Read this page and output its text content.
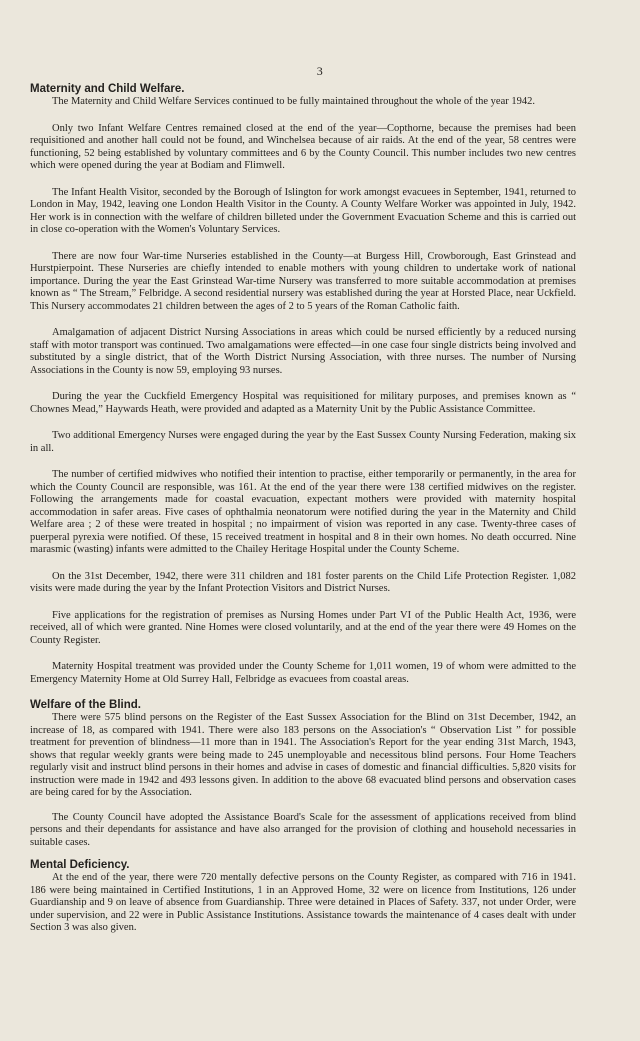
3
Maternity and Child Welfare.

The Maternity and Child Welfare Services continued to be fully maintained throughout the whole of the year 1942.

Only two Infant Welfare Centres remained closed at the end of the year—Copthorne, because the premises had been requisitioned and another hall could not be found, and Winchelsea because of air raids. At the end of the year, 58 centres were functioning, 52 being established by voluntary committees and 6 by the County Council. This number includes two new centres which were opened during the year at Bodiam and Flimwell.

The Infant Health Visitor, seconded by the Borough of Islington for work amongst evacuees in September, 1941, returned to London in May, 1942, leaving one London Health Visitor in the County. A County Welfare Worker was appointed in July, 1942. Her work is in connection with the welfare of children billeted under the Government Evacuation Scheme and this is carried out in close co-operation with the Women's Voluntary Services.

There are now four War-time Nurseries established in the County—at Burgess Hill, Crowborough, East Grinstead and Hurstpierpoint. These Nurseries are chiefly intended to enable mothers with young children to undertake work of national importance. During the year the East Grinstead War-time Nursery was transferred to more suitable accommodation at premises known as “ The Stream,” Felbridge. A second residential nursery was established during the year at Horsted Place, near Uckfield. This Nursery accommodates 21 children between the ages of 2 to 5 years of the Roman Catholic faith.

Amalgamation of adjacent District Nursing Associations in areas which could be nursed efficiently by a reduced nursing staff with motor transport was continued. Two amalgamations were effected—in one case four single districts being involved and substituted by a single district, that of the Worth District Nursing Association, with three nurses. The number of Nursing Associations in the County is now 59, employing 93 nurses.

During the year the Cuckfield Emergency Hospital was requisitioned for military purposes, and premises known as “ Chownes Mead,” Haywards Heath, were provided and adapted as a Maternity Unit by the Public Assistance Committee.

Two additional Emergency Nurses were engaged during the year by the East Sussex County Nursing Federation, making six in all.

The number of certified midwives who notified their intention to practise, either temporarily or permanently, in the area for which the County Council are responsible, was 161. At the end of the year there were 138 certified midwives on the register. Following the arrangements made for coastal evacuation, expectant mothers were provided with maternity hospital accommodation in safer areas. Five cases of ophthalmia neonatorum were notified during the year in the Maternity and Child Welfare area ; 2 of these were treated in hospital ; no impairment of vision was reported in any case. Twenty-three cases of puerperal pyrexia were notified. Of these, 15 received treatment in hospital and 8 in their own homes. No death occurred. Nine marasmic (wasting) infants were admitted to the Chailey Heritage Hospital under the County Scheme.

On the 31st December, 1942, there were 311 children and 181 foster parents on the Child Life Protection Register. 1,082 visits were made during the year by the Infant Protection Visitors and District Nurses.

Five applications for the registration of premises as Nursing Homes under Part VI of the Public Health Act, 1936, were received, all of which were granted. Nine Homes were closed voluntarily, and at the end of the year there were 49 Homes on the County Register.

Maternity Hospital treatment was provided under the County Scheme for 1,011 women, 19 of whom were admitted to the Emergency Maternity Home at Old Surrey Hall, Felbridge as evacuees from coastal areas.

Welfare of the Blind.

There were 575 blind persons on the Register of the East Sussex Association for the Blind on 31st December, 1942, an increase of 18, as compared with 1941. There were also 183 persons on the Association's “ Observation List ” for possible treatment for prevention of blindness—11 more than in 1941. The Association's Report for the year ending 31st March, 1943, shows that regular weekly grants were being made to 245 unemployable and necessitous blind persons. Four Home Teachers regularly visit and instruct blind persons in their homes and advise in cases of domestic and financial difficulties. 5,820 visits for instruction were made in 1942 and 493 lessons given. In addition to the above 68 evacuated blind persons and observation cases are being cared for by the Association.

The County Council have adopted the Assistance Board's Scale for the assessment of applications received from blind persons and their dependants for assistance and have also arranged for the provision of clothing and household necessaries in suitable cases.

Mental Deficiency.

At the end of the year, there were 720 mentally defective persons on the County Register, as compared with 716 in 1941. 186 were being maintained in Certified Institutions, 1 in an Approved Home, 32 were on licence from Institutions, 126 under Guardianship and 9 on leave of absence from Guardianship. Three were detained in Places of Safety. 337, not under Order, were under supervision, and 22 were in Public Assistance Institutions. Assistance towards the maintenance of 4 cases dealt with under Section 3 was also given.
